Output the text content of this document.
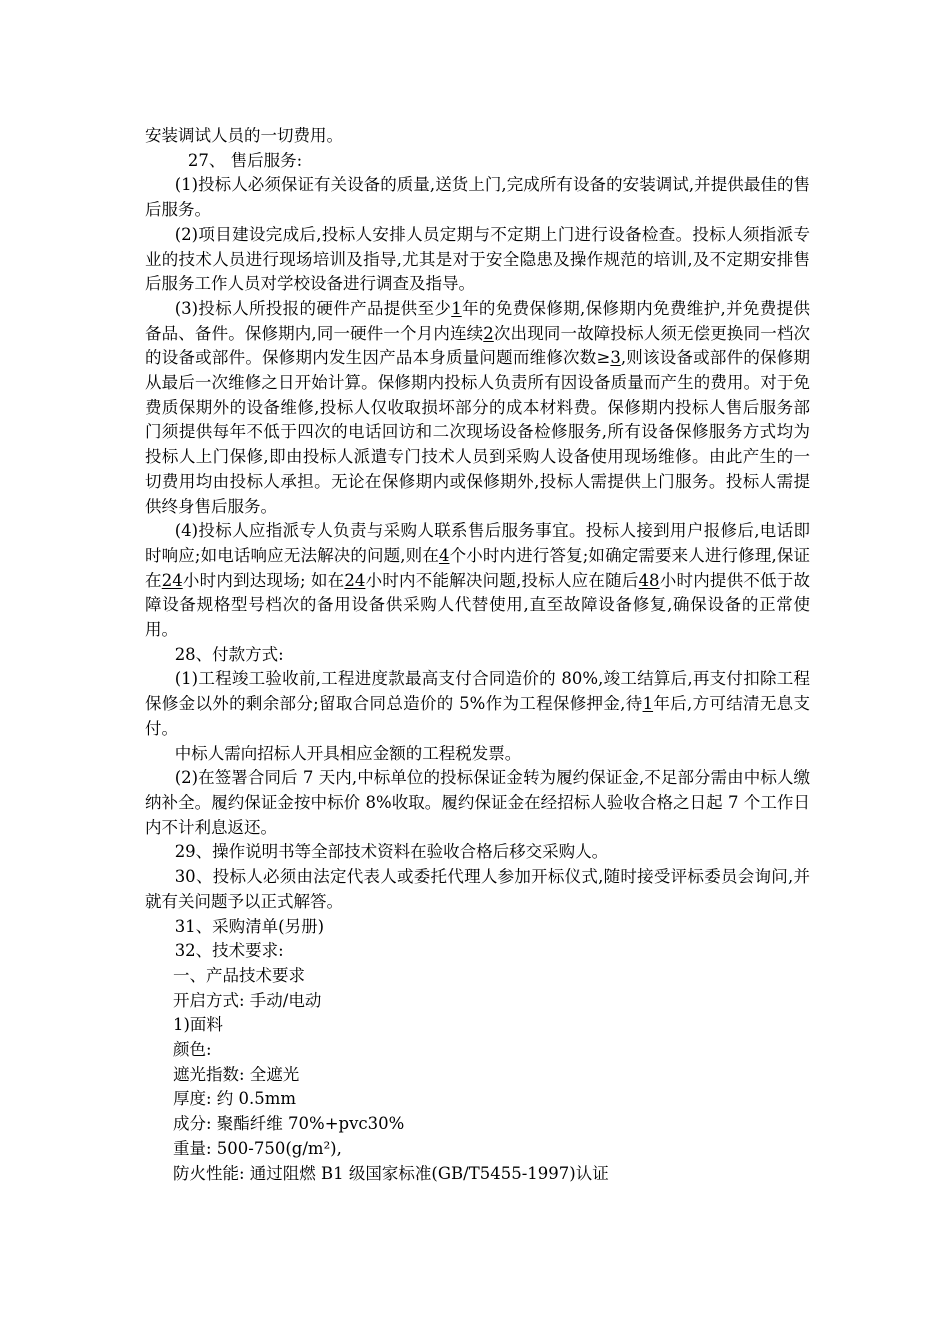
安装调试人员的一切费用。

27、 售后服务:

(1)投标人必须保证有关设备的质量,送货上门,完成所有设备的安装调试,并提供最佳的售后服务。

(2)项目建设完成后,投标人安排人员定期与不定期上门进行设备检查。投标人须指派专业的技术人员进行现场培训及指导,尤其是对于安全隐患及操作规范的培训,及不定期安排售后服务工作人员对学校设备进行调查及指导。

(3)投标人所投报的硬件产品提供至少1年的免费保修期,保修期内免费维护,并免费提供备品、备件。保修期内,同一硬件一个月内连续2次出现同一故障投标人须无偿更换同一档次的设备或部件。保修期内发生因产品本身质量问题而维修次数≥3,则该设备或部件的保修期从最后一次维修之日开始计算。保修期内投标人负责所有因设备质量而产生的费用。对于免费质保期外的设备维修,投标人仅收取损坏部分的成本材料费。保修期内投标人售后服务部门须提供每年不低于四次的电话回访和二次现场设备检修服务,所有设备保修服务方式均为投标人上门保修,即由投标人派遣专门技术人员到采购人设备使用现场维修。由此产生的一切费用均由投标人承担。无论在保修期内或保修期外,投标人需提供上门服务。投标人需提供终身售后服务。

(4)投标人应指派专人负责与采购人联系售后服务事宜。投标人接到用户报修后,电话即时响应;如电话响应无法解决的问题,则在4个小时内进行答复;如确定需要来人进行修理,保证在24小时内到达现场; 如在24小时内不能解决问题,投标人应在随后48小时内提供不低于故障设备规格型号档次的备用设备供采购人代替使用,直至故障设备修复,确保设备的正常使用。

28、付款方式:

(1)工程竣工验收前,工程进度款最高支付合同造价的 80%,竣工结算后,再支付扣除工程保修金以外的剩余部分;留取合同总造价的 5%作为工程保修押金,待1年后,方可结清无息支付。

中标人需向招标人开具相应金额的工程税发票。

(2)在签署合同后 7 天内,中标单位的投标保证金转为履约保证金,不足部分需由中标人缴纳补全。履约保证金按中标价 8%收取。履约保证金在经招标人验收合格之日起 7 个工作日内不计利息返还。

29、操作说明书等全部技术资料在验收合格后移交采购人。

30、投标人必须由法定代表人或委托代理人参加开标仪式,随时接受评标委员会询问,并就有关问题予以正式解答。

31、采购清单(另册)

32、技术要求:

一、产品技术要求

开启方式: 手动/电动

1)面料

颜色:

遮光指数: 全遮光

厚度: 约 0.5mm

成分: 聚酯纤维 70%+pvc30%

重量: 500-750(g/m²),

防火性能: 通过阻燃 B1 级国家标准(GB/T5455-1997)认证
